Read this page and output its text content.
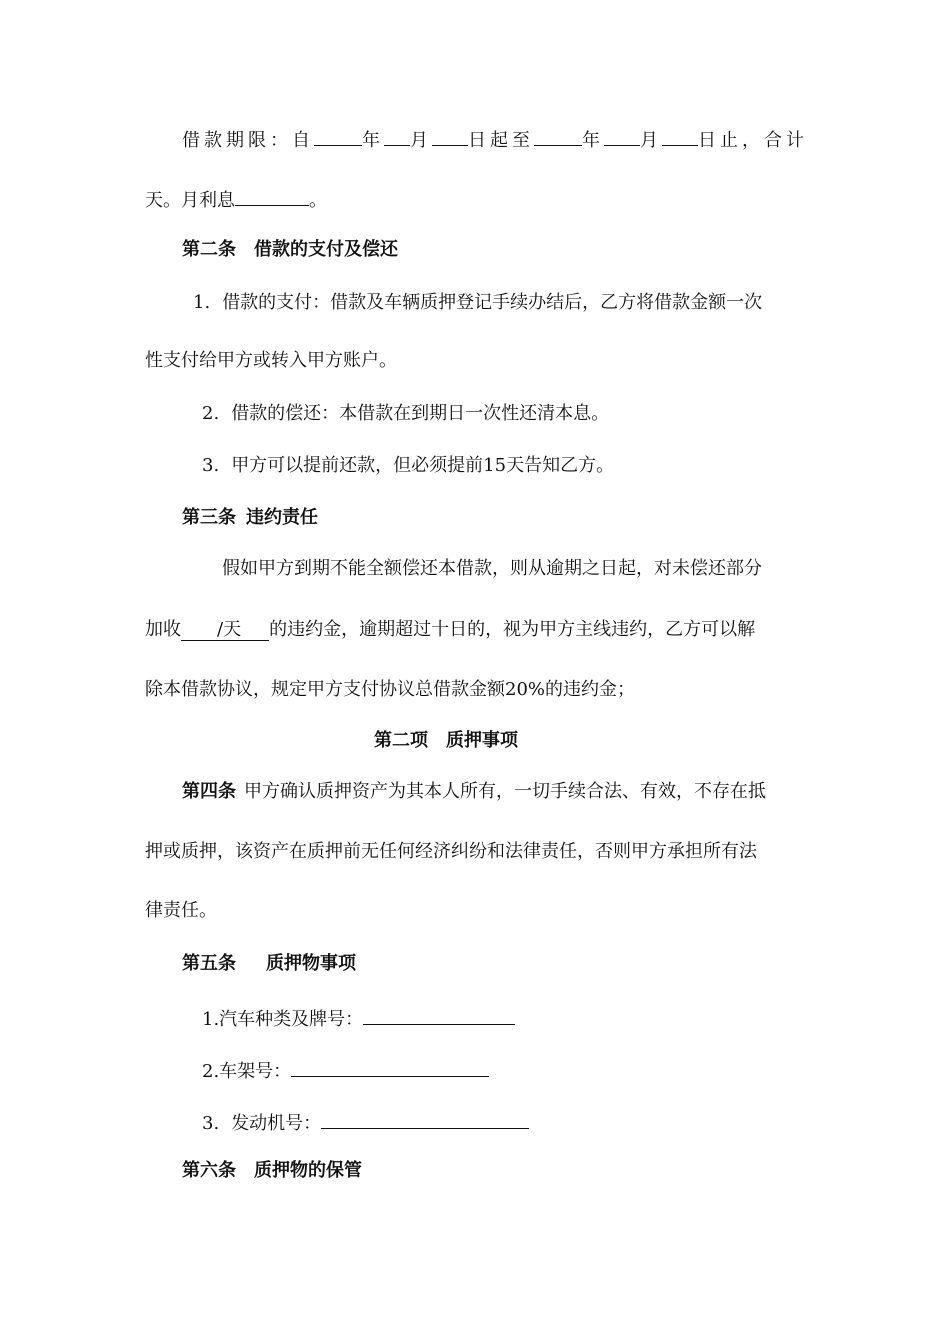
借款期限：自	年 月 日起至	年 月 日止，合计
天。月利息	。
第二条 借款的支付及偿还
1. 借款的支付：借款及车辆质押登记手续办结后，乙方将借款金额一次
性支付给甲方或转入甲方账户。
2. 借款的偿还：本借款在到期日一次性还清本息。
3. 甲方可以提前还款，但必须提前15天告知乙方。
第三条 违约责任
假如甲方到期不能全额偿还本借款，则从逾期之日起，对未偿还部分
加收 /天 的违约金，逾期超过十日的，视为甲方主线违约，乙方可以解
除本借款协议，规定甲方支付协议总借款金额20%的违约金；
第二项 质押事项
第四条 甲方确认质押资产为其本人所有，一切手续合法、有效，不存在抵
押或质押，该资产在质押前无任何经济纠纷和法律责任，否则甲方承担所有法
律责任。
第五条 质押物事项
1.汽车种类及牌号：
2.车架号：
3. 发动机号：
第六条 质押物的保管
